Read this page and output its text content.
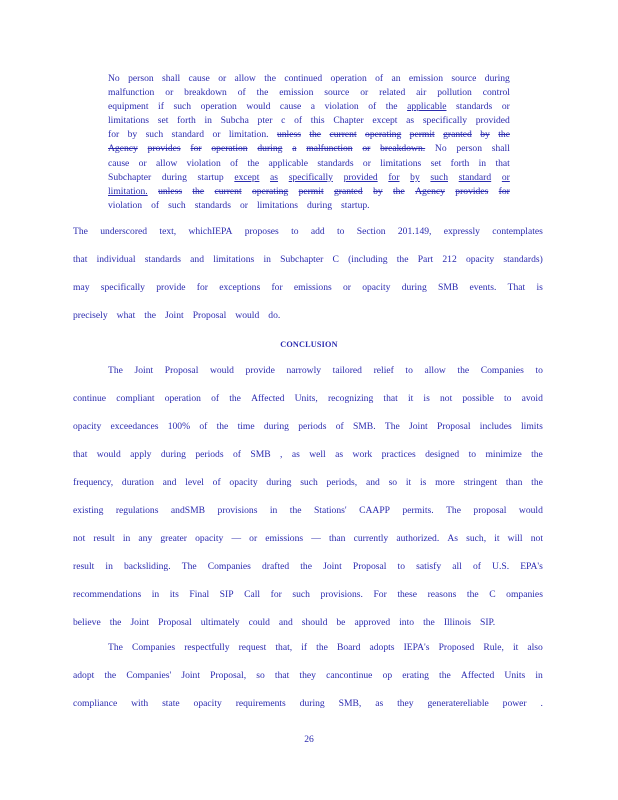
No person shall cause or allow the continued operation of an emission source during
malfunction or breakdown of the emission source or related air pollution control
equipment if such operation would cause a violation of the applicable standards or
limitations set forth in Subcha pter c of this Chapter except as specifically provided
for by such standard or limitation. unless the current operating permit granted by the
Agency provides for operation during a malfunction or breakdown. No person shall
cause or allow violation of the applicable standards or limitations set forth in that
Subchapter during startup except as specifically provided for by such standard or
limitation. unless the current operating permit granted by the Agency provides for
violation of such standards or limitations during startup.
The underscored text, whichIEPA proposes to add to Section 201.149, expressly contemplates
that individual standards and limitations in Subchapter C (including the Part 212 opacity standards)
may specifically provide for exceptions for emissions or opacity during SMB events. That is
precisely what the Joint Proposal would do.
CONCLUSION
The Joint Proposal would provide narrowly tailored relief to allow the Companies to
continue compliant operation of the Affected Units, recognizing that it is not possible to avoid
opacity exceedances 100% of the time during periods of SMB. The Joint Proposal includes limits
that would apply during periods of SMB , as well as work practices designed to minimize the
frequency, duration and level of opacity during such periods, and so it is more stringent than the
existing regulations andSMB provisions in the Stations' CAAPP permits. The proposal would
not result in any greater opacity — or emissions — than currently authorized. As such, it will not
result in backsliding. The Companies drafted the Joint Proposal to satisfy all of U.S. EPA's
recommendations in its Final SIP Call for such provisions. For these reasons the C ompanies
believe the Joint Proposal ultimately could and should be approved into the Illinois SIP.
The Companies respectfully request that, if the Board adopts IEPA's Proposed Rule, it also
adopt the Companies' Joint Proposal, so that they cancontinue op erating the Affected Units in
compliance with state opacity requirements during SMB, as they generatereliable power .
26
